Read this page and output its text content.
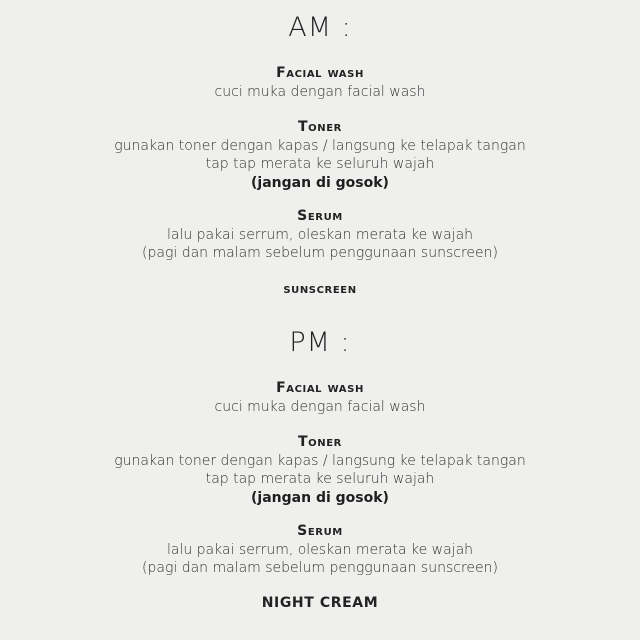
AM :
Facial wash
cuci muka dengan facial wash
Toner
gunakan toner dengan kapas / langsung ke telapak tangan
tap tap merata ke seluruh wajah
(jangan di gosok)
Serum
lalu pakai serrum, oleskan merata ke wajah
(pagi dan malam sebelum penggunaan sunscreen)
sunscreen
PM :
Facial wash
cuci muka dengan facial wash
Toner
gunakan toner dengan kapas / langsung ke telapak tangan
tap tap merata ke seluruh wajah
(jangan di gosok)
Serum
lalu pakai serrum, oleskan merata ke wajah
(pagi dan malam sebelum penggunaan sunscreen)
NIGHT CREAM
